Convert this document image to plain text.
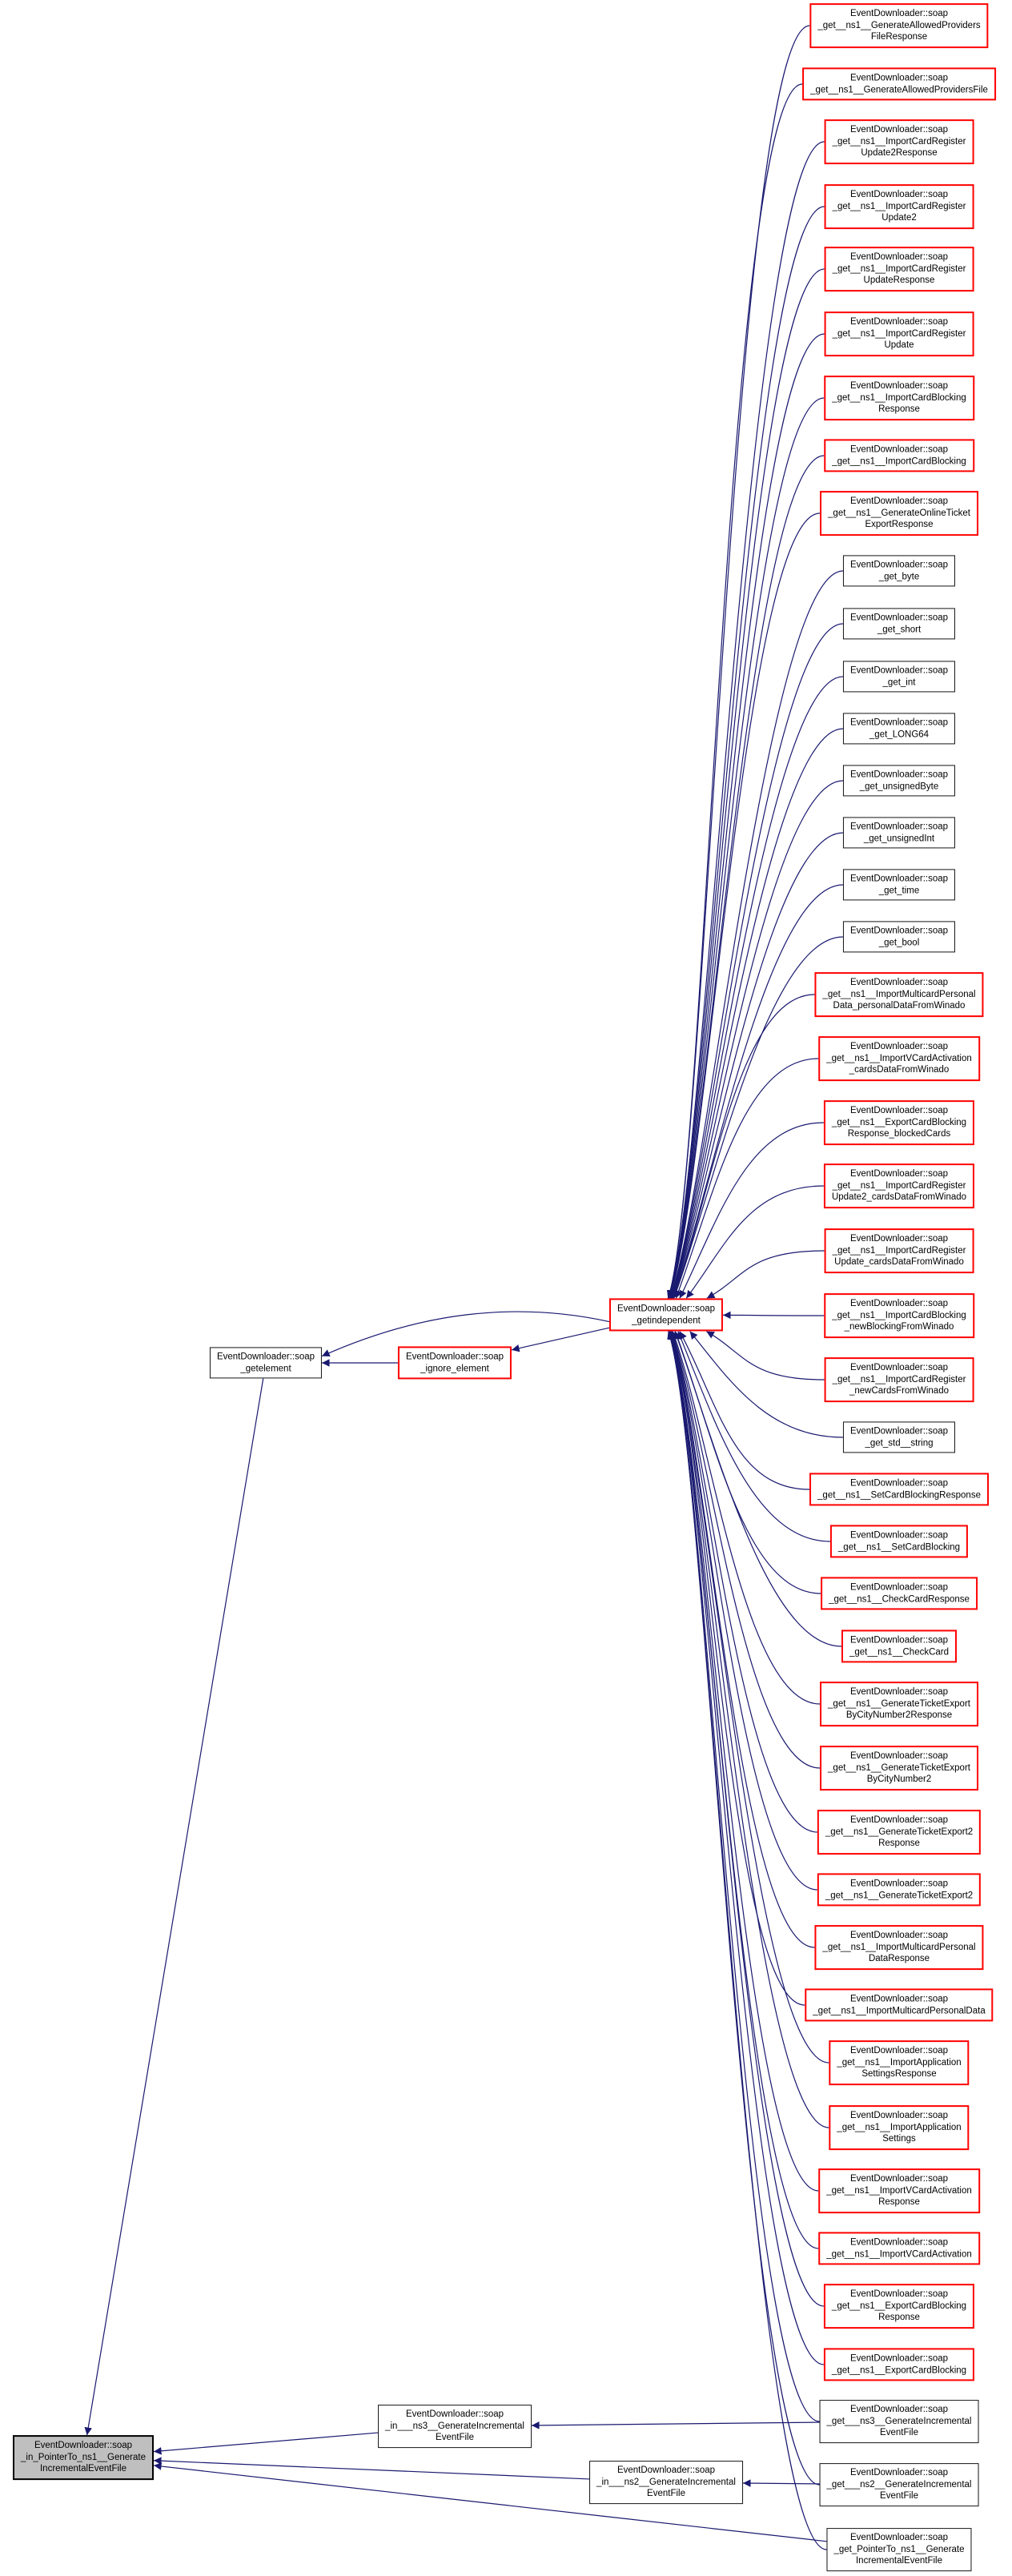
EventDownloader::soap
_in_PointerTo_ns1__Generate
IncrementalEventFile
EventDownloader::soap
_getelement
EventDownloader::soap
_ignore_element
EventDownloader::soap
_getindependent
EventDownloader::soap
_in___ns3__GenerateIncremental
EventFile
EventDownloader::soap
_in___ns2__GenerateIncremental
EventFile
EventDownloader::soap
_get__ns1__GenerateAllowedProviders
FileResponse
EventDownloader::soap
_get__ns1__GenerateAllowedProvidersFile
EventDownloader::soap
_get__ns1__ImportCardRegister
Update2Response
EventDownloader::soap
_get__ns1__ImportCardRegister
Update2
EventDownloader::soap
_get__ns1__ImportCardRegister
UpdateResponse
EventDownloader::soap
_get__ns1__ImportCardRegister
Update
EventDownloader::soap
_get__ns1__ImportCardBlocking
Response
EventDownloader::soap
_get__ns1__ImportCardBlocking
EventDownloader::soap
_get__ns1__GenerateOnlineTicket
ExportResponse
EventDownloader::soap
_get_byte
EventDownloader::soap
_get_short
EventDownloader::soap
_get_int
EventDownloader::soap
_get_LONG64
EventDownloader::soap
_get_unsignedByte
EventDownloader::soap
_get_unsignedInt
EventDownloader::soap
_get_time
EventDownloader::soap
_get_bool
EventDownloader::soap
_get__ns1__ImportMulticardPersonal
Data_personalDataFromWinado
EventDownloader::soap
_get__ns1__ImportVCardActivation
_cardsDataFromWinado
EventDownloader::soap
_get__ns1__ExportCardBlocking
Response_blockedCards
EventDownloader::soap
_get__ns1__ImportCardRegister
Update2_cardsDataFromWinado
EventDownloader::soap
_get__ns1__ImportCardRegister
Update_cardsDataFromWinado
EventDownloader::soap
_get__ns1__ImportCardBlocking
_newBlockingFromWinado
EventDownloader::soap
_get__ns1__ImportCardRegister
_newCardsFromWinado
EventDownloader::soap
_get_std__string
EventDownloader::soap
_get__ns1__SetCardBlockingResponse
EventDownloader::soap
_get__ns1__SetCardBlocking
EventDownloader::soap
_get__ns1__CheckCardResponse
EventDownloader::soap
_get__ns1__CheckCard
EventDownloader::soap
_get__ns1__GenerateTicketExport
ByCityNumber2Response
EventDownloader::soap
_get__ns1__GenerateTicketExport
ByCityNumber2
EventDownloader::soap
_get__ns1__GenerateTicketExport2
Response
EventDownloader::soap
_get__ns1__GenerateTicketExport2
EventDownloader::soap
_get__ns1__ImportMulticardPersonal
DataResponse
EventDownloader::soap
_get__ns1__ImportMulticardPersonalData
EventDownloader::soap
_get__ns1__ImportApplication
SettingsResponse
EventDownloader::soap
_get__ns1__ImportApplication
Settings
EventDownloader::soap
_get__ns1__ImportVCardActivation
Response
EventDownloader::soap
_get__ns1__ImportVCardActivation
EventDownloader::soap
_get__ns1__ExportCardBlocking
Response
EventDownloader::soap
_get__ns1__ExportCardBlocking
EventDownloader::soap
_get___ns3__GenerateIncremental
EventFile
EventDownloader::soap
_get___ns2__GenerateIncremental
EventFile
EventDownloader::soap
_get_PointerTo_ns1__Generate
IncrementalEventFile
